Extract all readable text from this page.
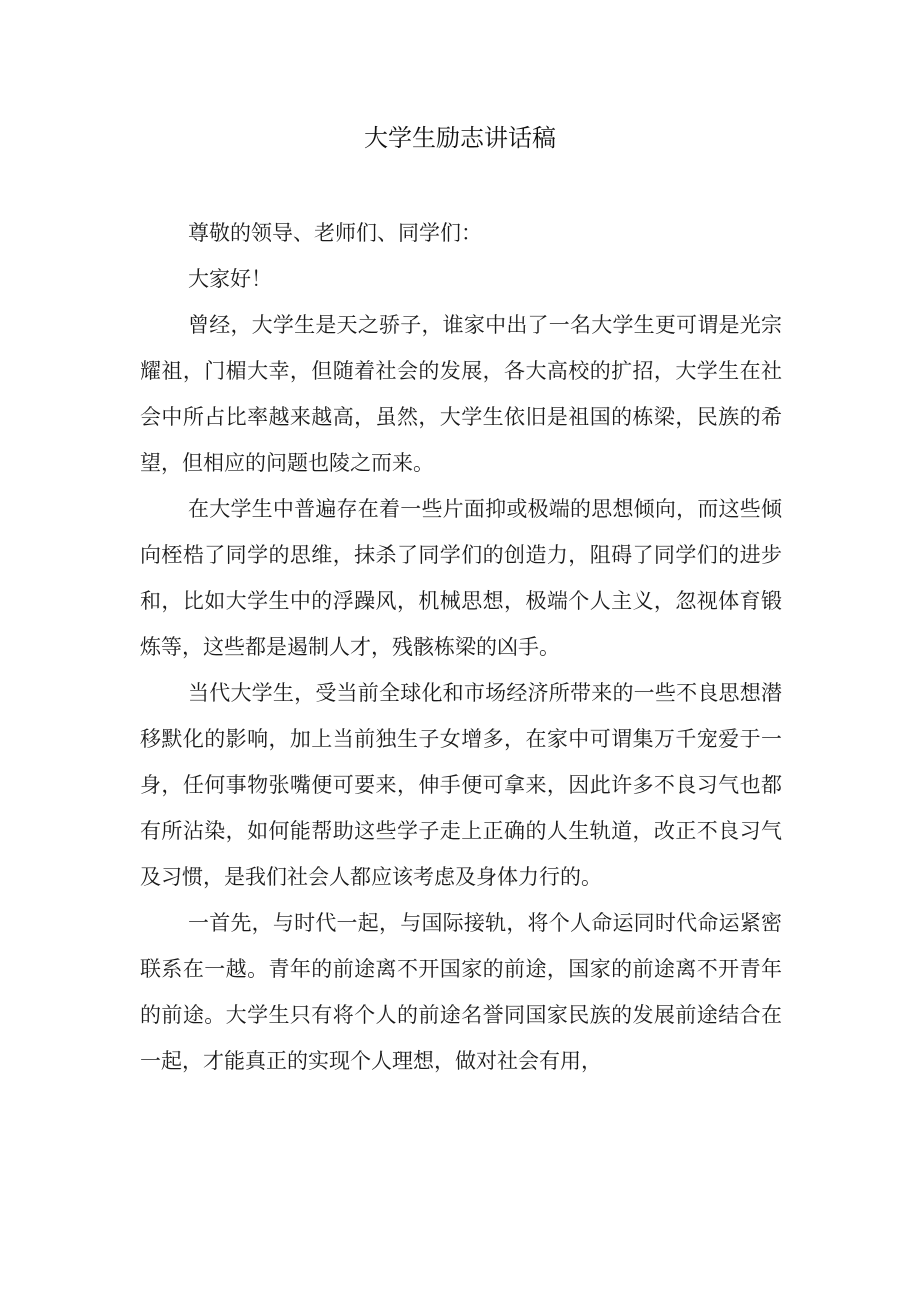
大学生励志讲话稿

尊敬的领导、老师们、同学们：

大家好！

曾经，大学生是天之骄子，谁家中出了一名大学生更可谓是光宗耀祖，门楣大幸，但随着社会的发展，各大高校的扩招，大学生在社会中所占比率越来越高，虽然，大学生依旧是祖国的栋梁，民族的希望，但相应的问题也陵之而来。

在大学生中普遍存在着一些片面抑或极端的思想倾向，而这些倾向桎梏了同学的思维，抹杀了同学们的创造力，阻碍了同学们的进步和，比如大学生中的浮躁风，机械思想，极端个人主义，忽视体育锻炼等，这些都是遏制人才，残骸栋梁的凶手。

当代大学生，受当前全球化和市场经济所带来的一些不良思想潜移默化的影响，加上当前独生子女增多，在家中可谓集万千宠爱于一身，任何事物张嘴便可要来，伸手便可拿来，因此许多不良习气也都有所沾染，如何能帮助这些学子走上正确的人生轨道，改正不良习气及习惯，是我们社会人都应该考虑及身体力行的。

一首先，与时代一起，与国际接轨，将个人命运同时代命运紧密联系在一越。青年的前途离不开国家的前途，国家的前途离不开青年的前途。大学生只有将个人的前途名誉同国家民族的发展前途结合在一起，才能真正的实现个人理想，做对社会有用，
